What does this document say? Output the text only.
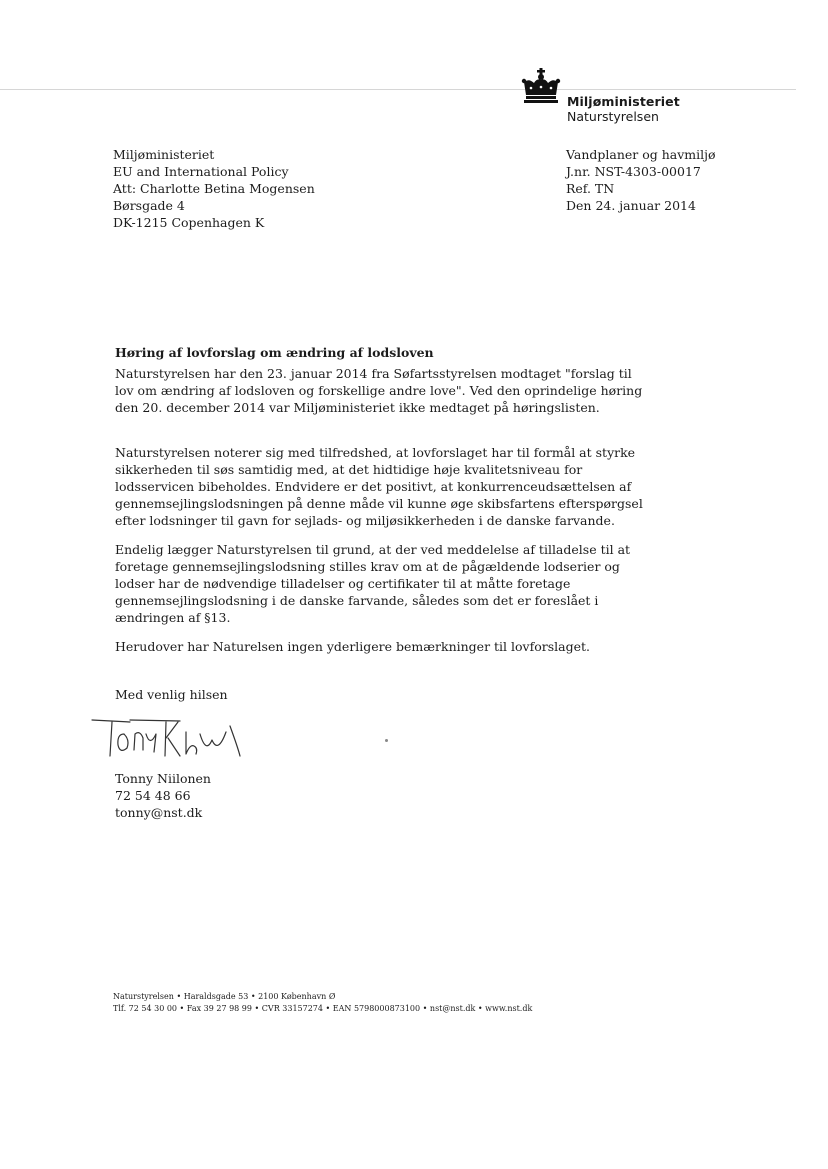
Miljøministeriet
Naturstyrelsen
Miljøministeriet
EU and International Policy
Att: Charlotte Betina Mogensen
Børsgade 4
DK-1215 Copenhagen K
Vandplaner og havmiljø
J.nr. NST-4303-00017
Ref. TN
Den 24. januar 2014
Høring af lovforslag om ændring af lodsloven
Naturstyrelsen har den 23. januar 2014 fra Søfartsstyrelsen modtaget "forslag til
lov om ændring af lodsloven og forskellige andre love". Ved den oprindelige høring
den 20. december 2014 var Miljøministeriet ikke medtaget på høringslisten.
Naturstyrelsen noterer sig med tilfredshed, at lovforslaget har til formål at styrke
sikkerheden til søs samtidig med, at det hidtidige høje kvalitetsniveau for
lodsservicen bibeholdes. Endvidere er det positivt, at konkurrenceudsættelsen af
gennemsejlingslodsningen på denne måde vil kunne øge skibsfartens efterspørgsel
efter lodsninger til gavn for sejlads- og miljøsikkerheden i de danske farvande.
Endelig lægger Naturstyrelsen til grund, at der ved meddelelse af tilladelse til at
foretage gennemsejlingslodsning stilles krav om at de pågældende lodserier og
lodser har de nødvendige tilladelser og certifikater til at måtte foretage
gennemsejlingslodsning i de danske farvande, således som det er foreslået i
ændringen af §13.
Herudover har Naturelsen ingen yderligere bemærkninger til lovforslaget.
Med venlig hilsen
Tonny Niilonen
72 54 48 66
tonny@nst.dk
Naturstyrelsen • Haraldsgade 53 • 2100 København Ø
Tlf. 72 54 30 00 • Fax 39 27 98 99 • CVR 33157274 • EAN 5798000873100 • nst@nst.dk • www.nst.dk
